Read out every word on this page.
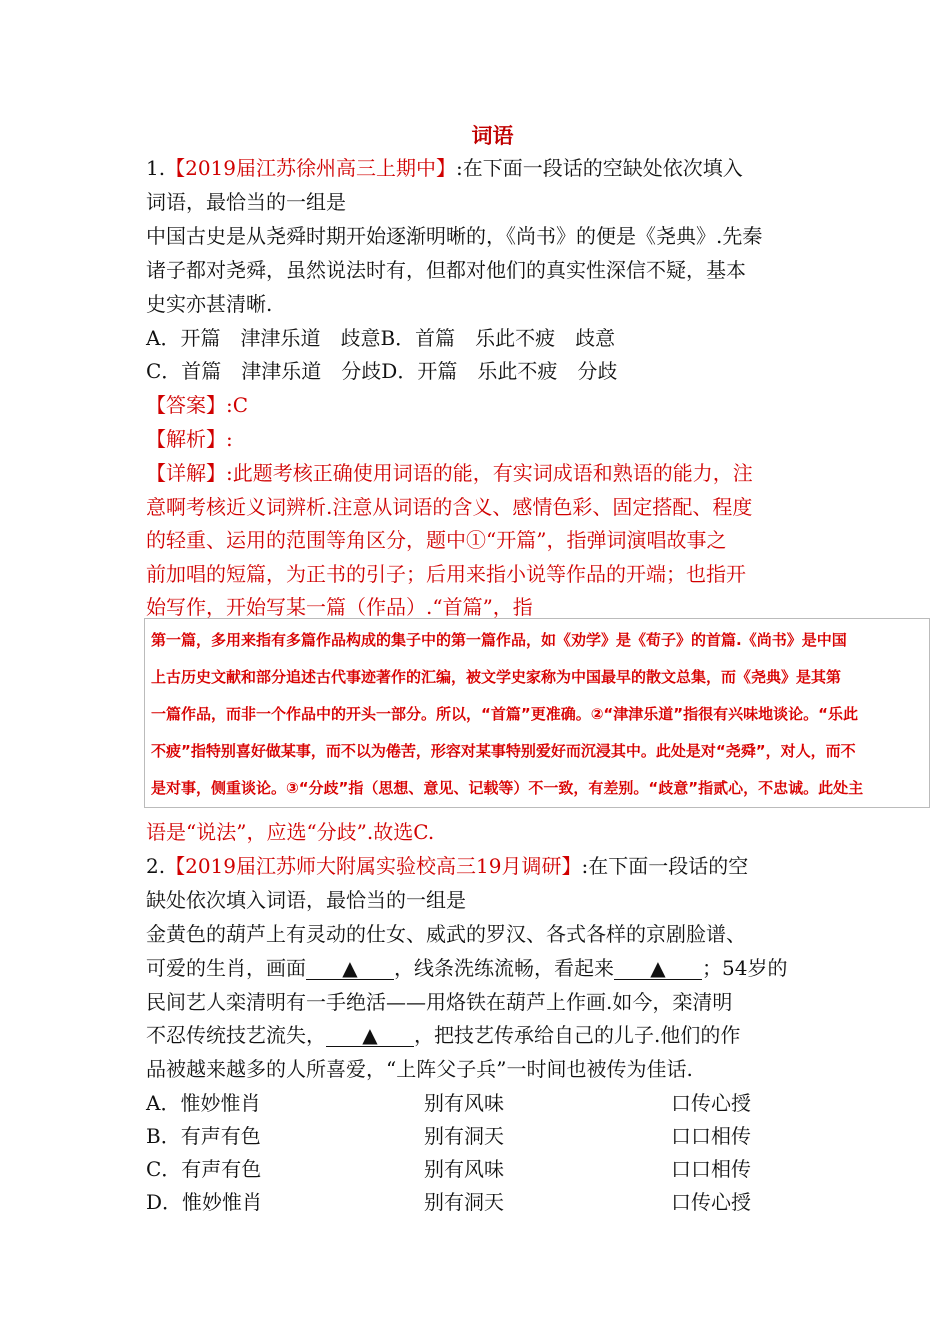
词语
1.【2019届江苏徐州高三上期中】:在下面一段话的空缺处依次填入
词语，最恰当的一组是
中国古史是从尧舜时期开始逐渐明晰的，《尚书》的便是《尧典》.先秦
诸子都对尧舜，虽然说法时有，但都对他们的真实性深信不疑，基本
史实亦甚清晰.
A．开篇　津津乐道　歧意B．首篇　乐此不疲　歧意
C．首篇　津津乐道　分歧D．开篇　乐此不疲　分歧
【答案】:C
【解析】:
【详解】:此题考核正确使用词语的能，有实词成语和熟语的能力，注
意啊考核近义词辨析.注意从词语的含义、感情色彩、固定搭配、程度
的轻重、运用的范围等角区分，题中①“开篇”，指弹词演唱故事之
前加唱的短篇，为正书的引子；后用来指小说等作品的开端；也指开
始写作，开始写某一篇（作品）.“首篇”，指
第一篇，多用来指有多篇作品构成的集子中的第一篇作品，如《劝学》是《荀子》的首篇.《尚书》是中国
上古历史文献和部分追述古代事迹著作的汇编，被文学史家称为中国最早的散文总集，而《尧典》是其第
一篇作品，而非一个作品中的开头一部分。所以，“首篇”更准确。②“津津乐道”指很有兴味地谈论。“乐此
不疲”指特别喜好做某事，而不以为倦苦，形容对某事特别爱好而沉浸其中。此处是对“尧舜”，对人，而不
是对事，侧重谈论。③“分歧”指（思想、意见、记载等）不一致，有差别。“歧意”指贰心，不忠诚。此处主
语是“说法”，应选“分歧”.故选C.
2.【2019届江苏师大附属实验校高三19月调研】:在下面一段话的空
缺处依次填入词语，最恰当的一组是
金黄色的葫芦上有灵动的仕女、威武的罗汉、各式各样的京剧脸谱、
可爱的生肖，画面 ▲ ，线条洗练流畅，看起来 ▲ ；54岁的
民间艺人栾清明有一手绝活——用烙铁在葫芦上作画.如今，栾清明
不忍传统技艺流失， ▲ ，把技艺传承给自己的儿子.他们的作
品被越来越多的人所喜爱，“上阵父子兵”一时间也被传为佳话.
A．惟妙惟肖	别有风味	口传心授
B．有声有色	别有洞天	口口相传
C．有声有色	别有风味	口口相传
D．惟妙惟肖	别有洞天	口传心授
